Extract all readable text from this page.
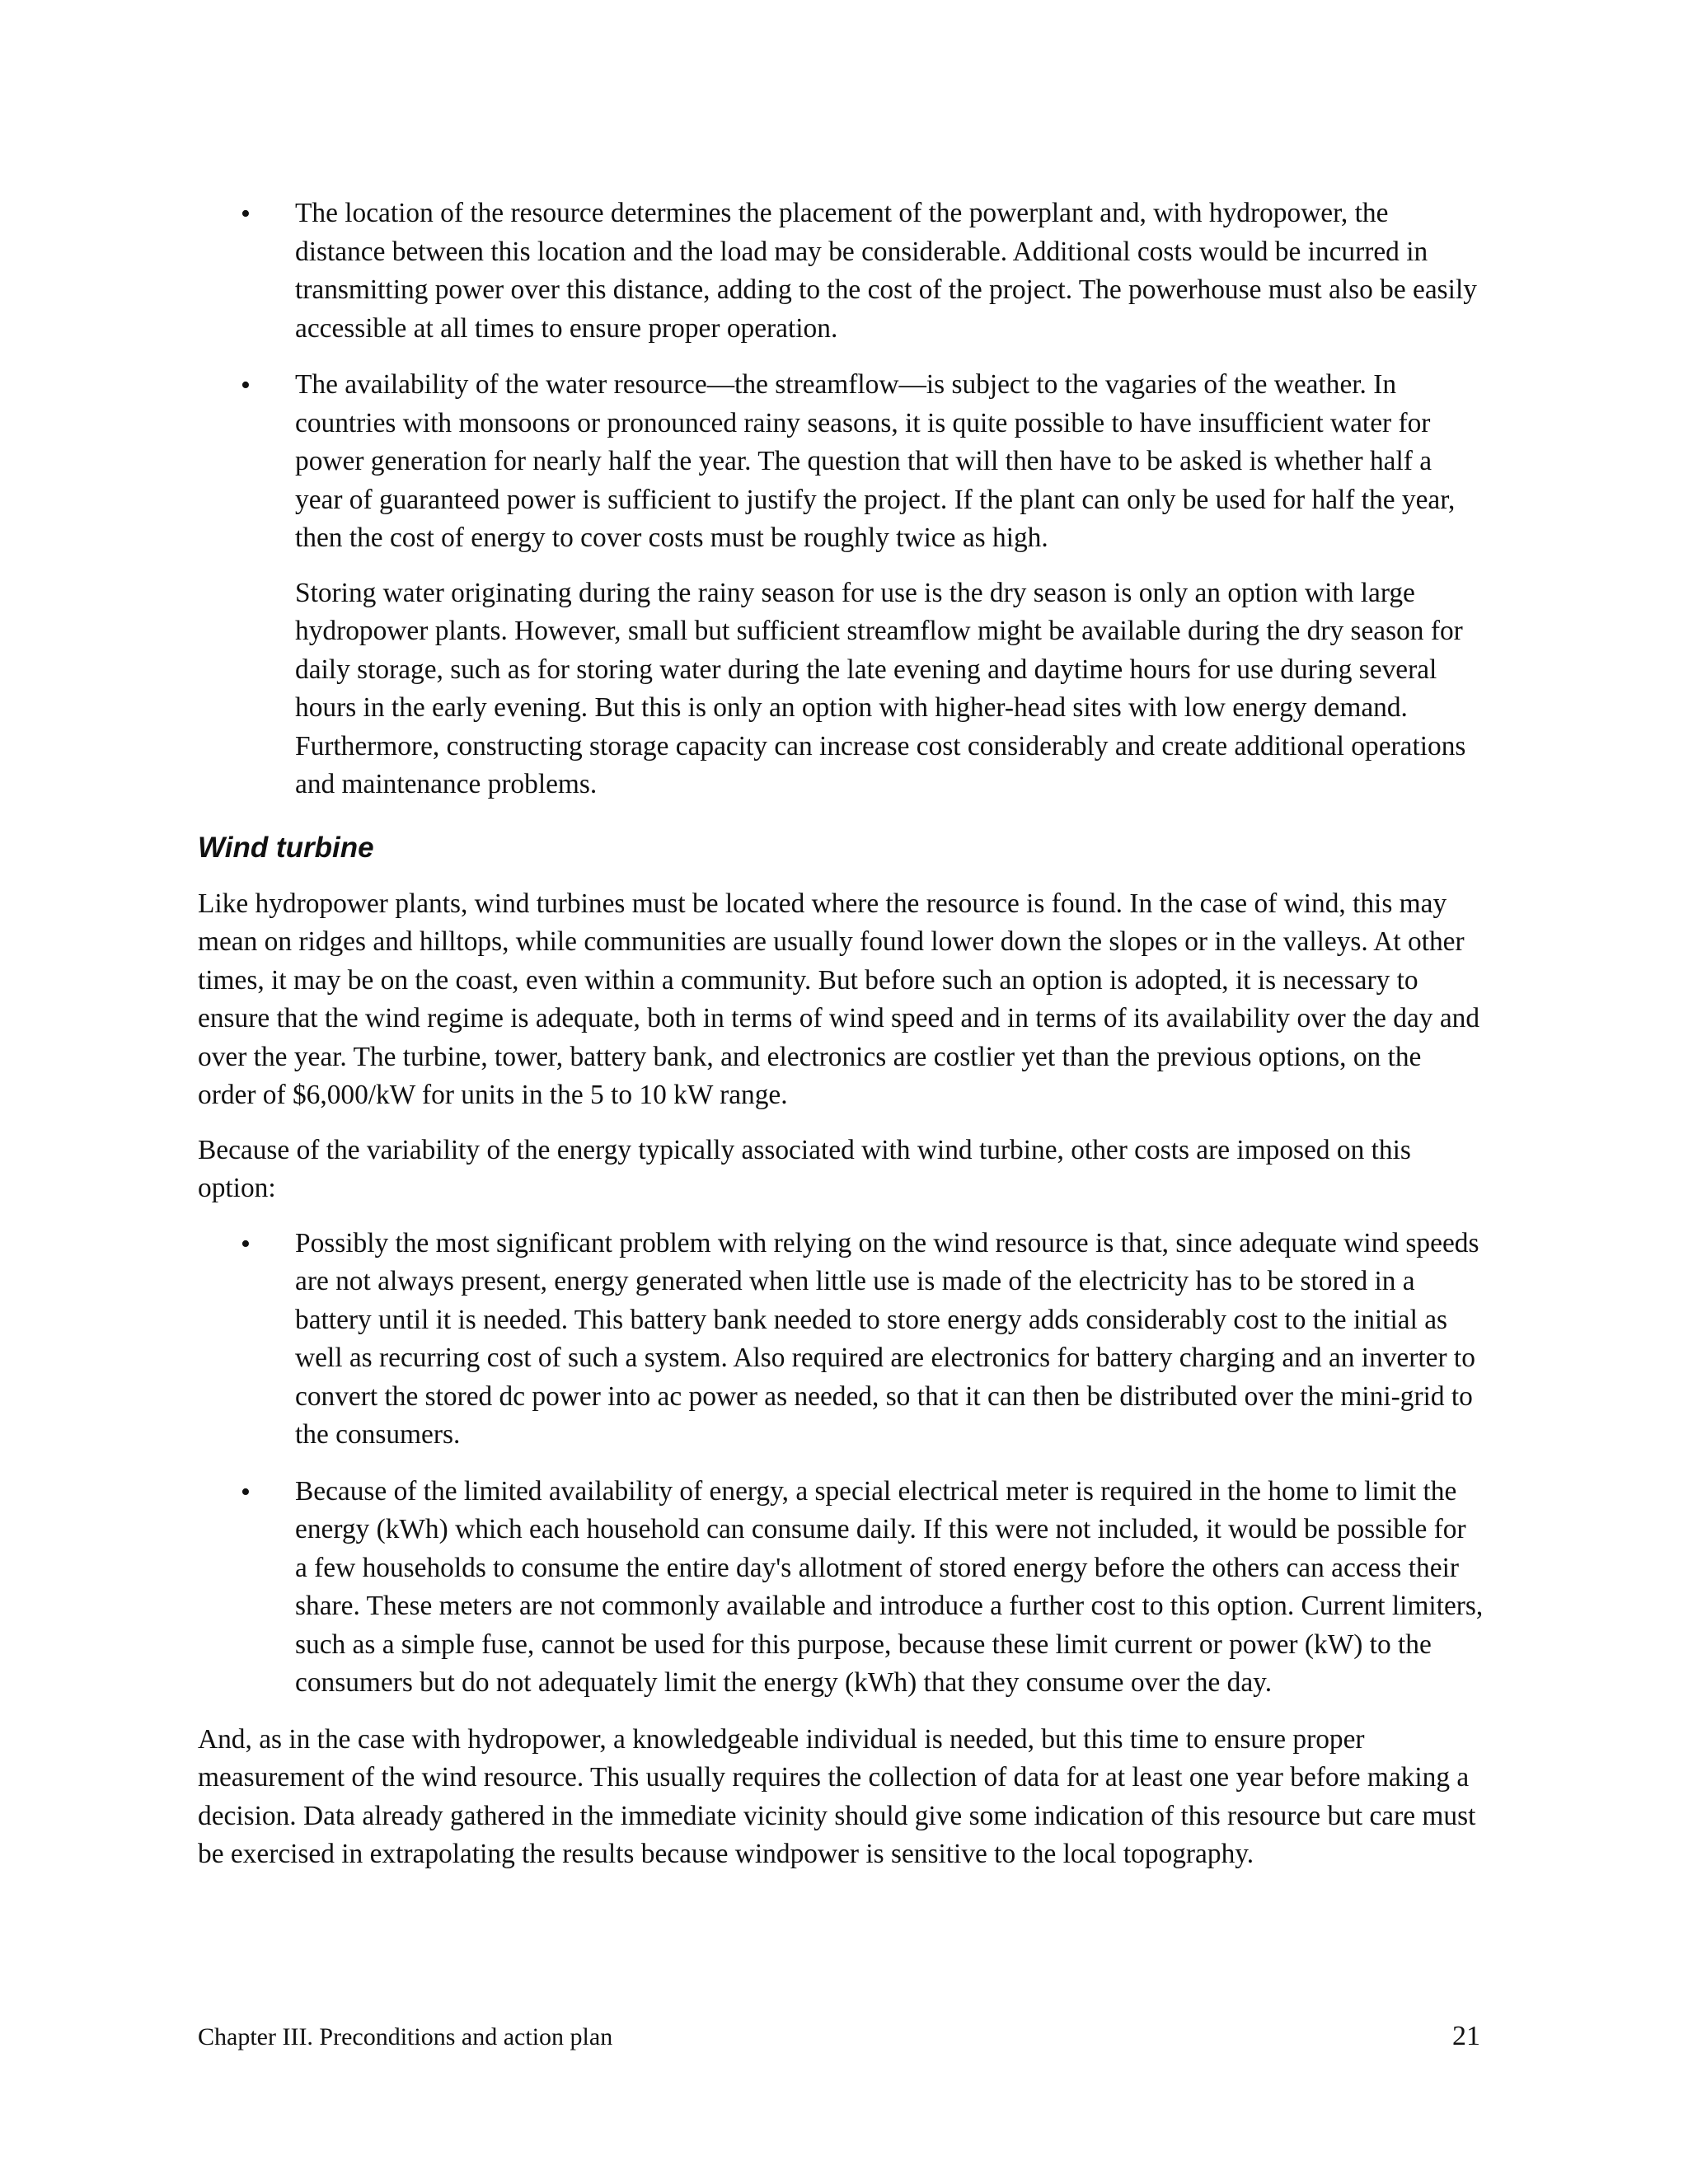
• The location of the resource determines the placement of the powerplant and, with hydropower, the distance between this location and the load may be considerable. Additional costs would be incurred in transmitting power over this distance, adding to the cost of the project. The powerhouse must also be easily accessible at all times to ensure proper operation.

• The availability of the water resource—the streamflow—is subject to the vagaries of the weather. In countries with monsoons or pronounced rainy seasons, it is quite possible to have insufficient water for power generation for nearly half the year. The question that will then have to be asked is whether half a year of guaranteed power is sufficient to justify the project. If the plant can only be used for half the year, then the cost of energy to cover costs must be roughly twice as high.

Storing water originating during the rainy season for use is the dry season is only an option with large hydropower plants. However, small but sufficient streamflow might be available during the dry season for daily storage, such as for storing water during the late evening and daytime hours for use during several hours in the early evening. But this is only an option with higher-head sites with low energy demand. Furthermore, constructing storage capacity can increase cost considerably and create additional operations and maintenance problems.

Wind turbine

Like hydropower plants, wind turbines must be located where the resource is found. In the case of wind, this may mean on ridges and hilltops, while communities are usually found lower down the slopes or in the valleys. At other times, it may be on the coast, even within a community. But before such an option is adopted, it is necessary to ensure that the wind regime is adequate, both in terms of wind speed and in terms of its availability over the day and over the year. The turbine, tower, battery bank, and electronics are costlier yet than the previous options, on the order of $6,000/kW for units in the 5 to 10 kW range.

Because of the variability of the energy typically associated with wind turbine, other costs are imposed on this option:

• Possibly the most significant problem with relying on the wind resource is that, since adequate wind speeds are not always present, energy generated when little use is made of the electricity has to be stored in a battery until it is needed. This battery bank needed to store energy adds considerably cost to the initial as well as recurring cost of such a system. Also required are electronics for battery charging and an inverter to convert the stored dc power into ac power as needed, so that it can then be distributed over the mini-grid to the consumers.

• Because of the limited availability of energy, a special electrical meter is required in the home to limit the energy (kWh) which each household can consume daily. If this were not included, it would be possible for a few households to consume the entire day's allotment of stored energy before the others can access their share. These meters are not commonly available and introduce a further cost to this option. Current limiters, such as a simple fuse, cannot be used for this purpose, because these limit current or power (kW) to the consumers but do not adequately limit the energy (kWh) that they consume over the day.

And, as in the case with hydropower, a knowledgeable individual is needed, but this time to ensure proper measurement of the wind resource. This usually requires the collection of data for at least one year before making a decision. Data already gathered in the immediate vicinity should give some indication of this resource but care must be exercised in extrapolating the results because windpower is sensitive to the local topography.

Chapter III. Preconditions and action plan	21
